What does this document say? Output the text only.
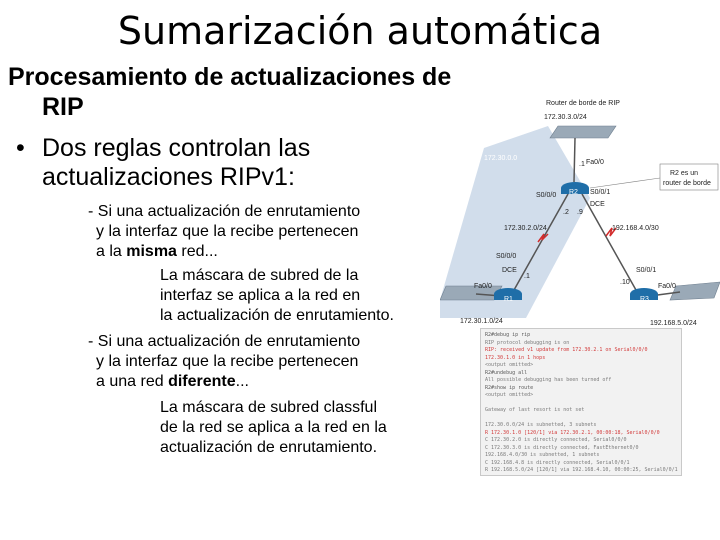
Sumarización automática
Procesamiento de actualizaciones de
RIP
• Dos reglas controlan las
actualizaciones RIPv1:
- Si una actualización de enrutamiento
y la interfaz que la recibe pertenecen
a la misma red...
La máscara de subred de la
interfaz se aplica a la red en
la actualización de enrutamiento.
- Si una actualización de enrutamiento
y la interfaz que la recibe pertenecen
a una red diferente...
La máscara de subred classful
de la red se aplica a la red en la
actualización de enrutamiento.
Router de borde de RIP
172.30.3.0/24
172.30.0.0
R2 es un
router de borde
Fa0/0
.1
S0/0/0
.2
S0/0/1
DCE
.9
R2
172.30.2.0/24	192.168.4.0/30
S0/0/0
DCE
.1
Fa0/0
R1
S0/0/1
.10
Fa0/0
R3
172.30.1.0/24	192.168.5.0/24
R2#debug ip rip
RIP protocol debugging is on
RIP: received v1 update from 172.30.2.1 on Serial0/0/0
172.30.1.0 in 1 hops
<output omitted>
R2#undebug all
All possible debugging has been turned off
R2#show ip route
<output omitted>
Gateway of last resort is not set
172.30.0.0/24 is subnetted, 3 subnets
R 172.30.1.0 [120/1] via 172.30.2.1, 00:00:18, Serial0/0/0
C 172.30.2.0 is directly connected, Serial0/0/0
C 172.30.3.0 is directly connected, FastEthernet0/0
192.168.4.0/30 is subnetted, 1 subnets
C 192.168.4.8 is directly connected, Serial0/0/1
R 192.168.5.0/24 [120/1] via 192.168.4.10, 00:00:25, Serial0/0/1
